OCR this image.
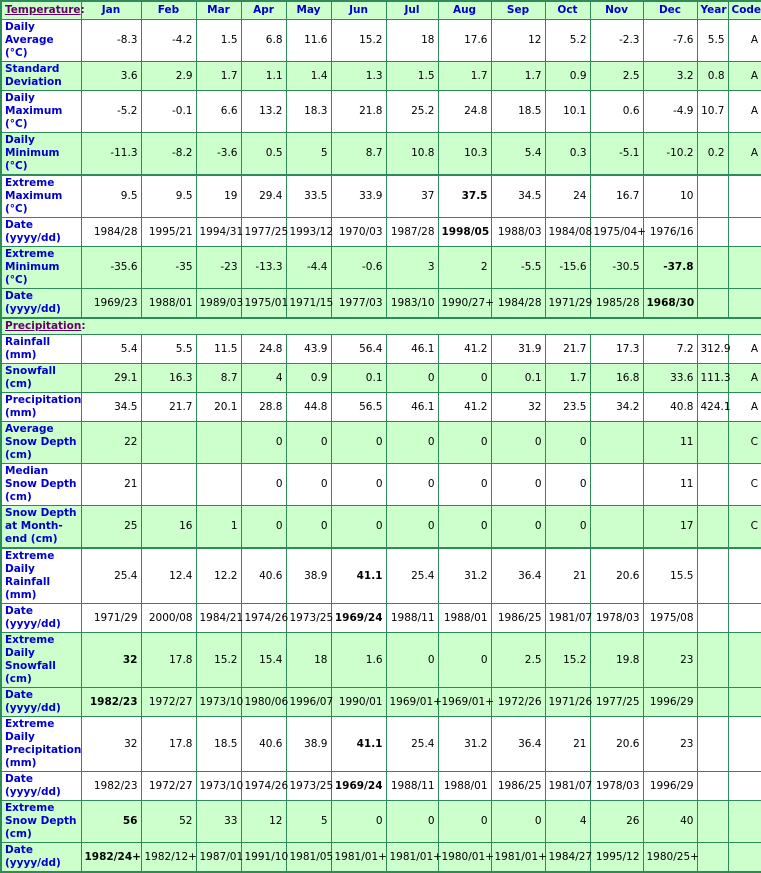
Temperature:	Jan	Feb	Mar	Apr	May	Jun	Jul	Aug	Sep	Oct	Nov	Dec	Year	Code
Daily Average (°C)	-8.3	-4.2	1.5	6.8	11.6	15.2	18	17.6	12	5.2	-2.3	-7.6	5.5	A
Standard Deviation	3.6	2.9	1.7	1.1	1.4	1.3	1.5	1.7	1.7	0.9	2.5	3.2	0.8	A
Daily Maximum (°C)	-5.2	-0.1	6.6	13.2	18.3	21.8	25.2	24.8	18.5	10.1	0.6	-4.9	10.7	A
Daily Minimum (°C)	-11.3	-8.2	-3.6	0.5	5	8.7	10.8	10.3	5.4	0.3	-5.1	-10.2	0.2	A
Extreme Maximum (°C)	9.5	9.5	19	29.4	33.5	33.9	37	37.5	34.5	24	16.7	10		
Date (yyyy/dd)	1984/28	1995/21	1994/31	1977/25	1993/12	1970/03	1987/28	1998/05	1988/03	1984/08	1975/04+	1976/16		
Extreme Minimum (°C)	-35.6	-35	-23	-13.3	-4.4	-0.6	3	2	-5.5	-15.6	-30.5	-37.8		
Date (yyyy/dd)	1969/23	1988/01	1989/03	1975/01	1971/15	1977/03	1983/10	1990/27+	1984/28	1971/29	1985/28	1968/30		
Precipitation:														
Rainfall (mm)	5.4	5.5	11.5	24.8	43.9	56.4	46.1	41.2	31.9	21.7	17.3	7.2	312.9	A
Snowfall (cm)	29.1	16.3	8.7	4	0.9	0.1	0	0	0.1	1.7	16.8	33.6	111.3	A
Precipitation (mm)	34.5	21.7	20.1	28.8	44.8	56.5	46.1	41.2	32	23.5	34.2	40.8	424.1	A
Average Snow Depth (cm)	22			0	0	0	0	0	0	0		11		C
Median Snow Depth (cm)	21			0	0	0	0	0	0	0		11		C
Snow Depth at Month-end (cm)	25	16	1	0	0	0	0	0	0	0		17		C
Extreme Daily Rainfall (mm)	25.4	12.4	12.2	40.6	38.9	41.1	25.4	31.2	36.4	21	20.6	15.5		
Date (yyyy/dd)	1971/29	2000/08	1984/21	1974/26	1973/25	1969/24	1988/11	1988/01	1986/25	1981/07	1978/03	1975/08		
Extreme Daily Snowfall (cm)	32	17.8	15.2	15.4	18	1.6	0	0	2.5	15.2	19.8	23		
Date (yyyy/dd)	1982/23	1972/27	1973/10	1980/06	1996/07	1990/01	1969/01+	1969/01+	1972/26	1971/26	1977/25	1996/29		
Extreme Daily Precipitation (mm)	32	17.8	18.5	40.6	38.9	41.1	25.4	31.2	36.4	21	20.6	23		
Date (yyyy/dd)	1982/23	1972/27	1973/10	1974/26	1973/25	1969/24	1988/11	1988/01	1986/25	1981/07	1978/03	1996/29		
Extreme Snow Depth (cm)	56	52	33	12	5	0	0	0	0	4	26	40		
Date (yyyy/dd)	1982/24+	1982/12+	1987/01	1991/10	1981/05	1981/01+	1981/01+	1980/01+	1981/01+	1984/27	1995/12	1980/25+		
